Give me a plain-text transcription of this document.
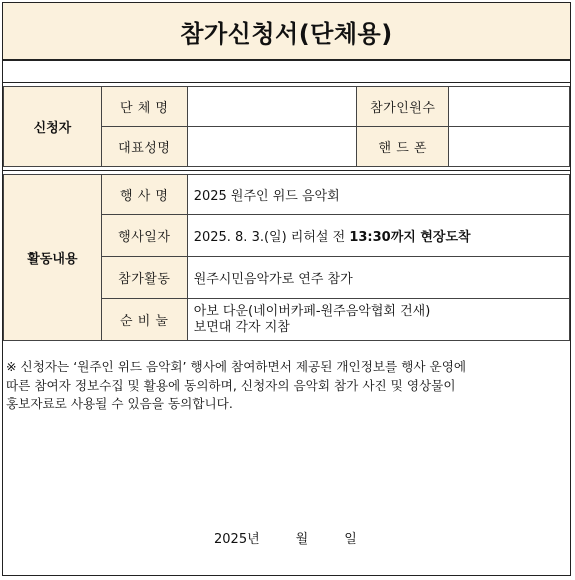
참가신청서(단체용)
신청자	단 체 명		참가인원수	
	대표성명		핸 드 폰	
활동내용	행 사 명	2025 원주인 위드 음악회
	행사일자	2025. 8. 3.(일) 리허설 전 13:30까지 현장도착
	참가활동	원주시민음악가로 연주 참가
	순 비 눌	아보 다운(네이버카페-원주음악협회 건새)
보면대 각자 지참
※ 신청자는 ‘원주인 위드 음악회’ 행사에 참여하면서 제공된 개인정보를 행사 운영에
따른 참여자 정보수집 및 활용에 동의하며, 신청자의 음악회 참가 사진 및 영상물이
홍보자료로 사용될 수 있음을 동의합니다.
2025년	월	일
